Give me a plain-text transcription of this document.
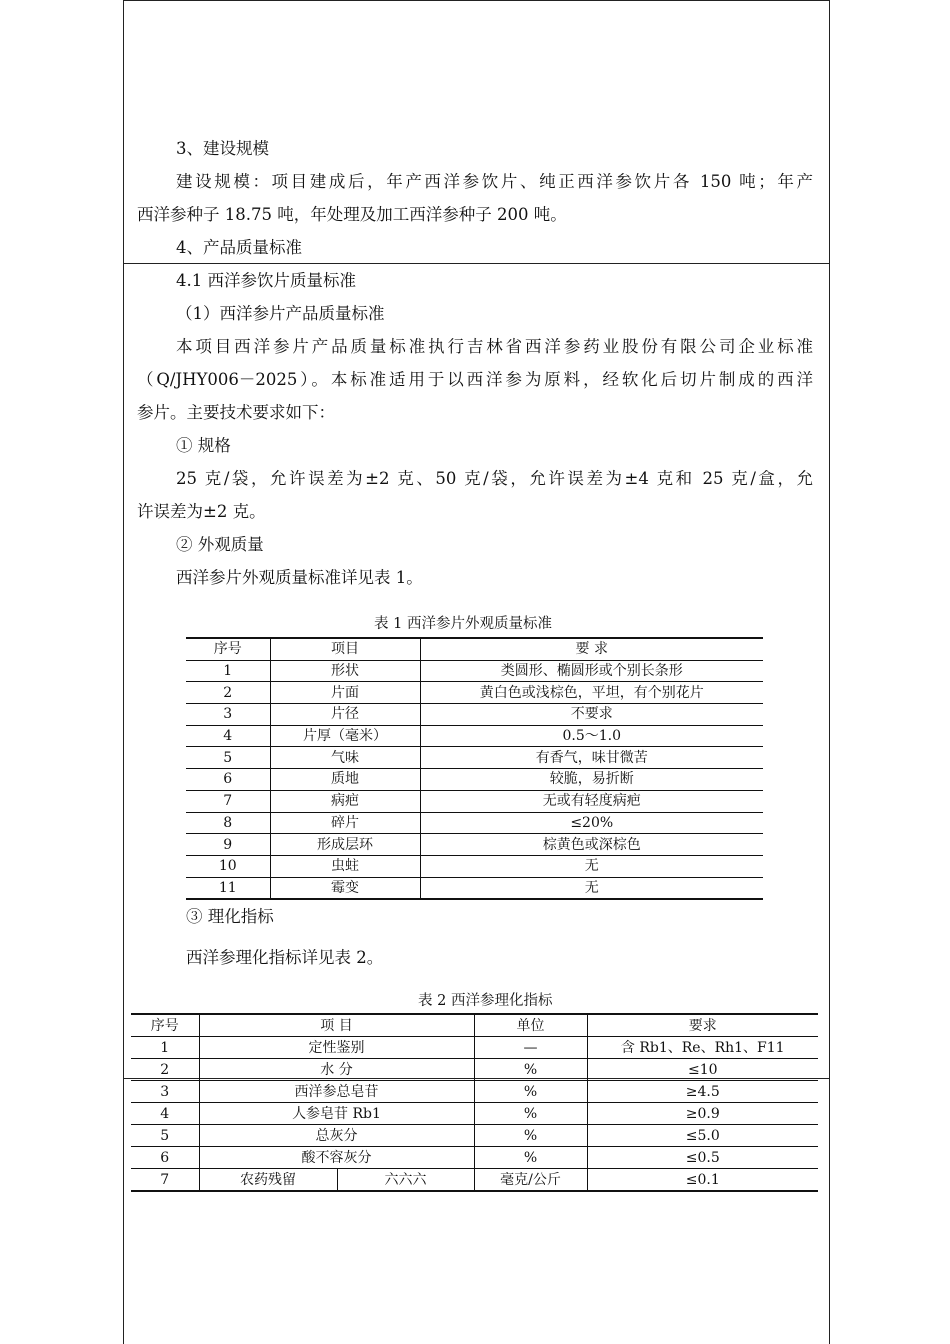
3、建设规模
建设规模：项目建成后，年产西洋参饮片、纯正西洋参饮片各 150 吨；年产
西洋参种子 18.75 吨，年处理及加工西洋参种子 200 吨。
4、产品质量标准
4.1 西洋参饮片质量标准
（1）西洋参片产品质量标准
本项目西洋参片产品质量标准执行吉林省西洋参药业股份有限公司企业标准
（Q/JHY006－2025）。本标准适用于以西洋参为原料，经软化后切片制成的西洋
参片。主要技术要求如下：
① 规格
25 克/袋，允许误差为±2 克、50 克/袋，允许误差为±4 克和 25 克/盒，允
许误差为±2 克。
② 外观质量
西洋参片外观质量标准详见表 1。
表 1 西洋参片外观质量标准
序号	项目	要 求
1	形状	类圆形、椭圆形或个别长条形
2	片面	黄白色或浅棕色，平坦，有个别花片
3	片径	不要求
4	片厚（毫米）	0.5～1.0
5	气味	有香气，味甘微苦
6	质地	较脆，易折断
7	病疤	无或有轻度病疤
8	碎片	≤20%
9	形成层环	棕黄色或深棕色
10	虫蛀	无
11	霉变	无
③ 理化指标
西洋参理化指标详见表 2。
表 2 西洋参理化指标
序号	项 目		单位	要求
1	定性鉴别		—	含 Rb1、Re、Rh1、F11
2	水 分		%	≤10
3	西洋参总皂苷		%	≥4.5
4	人参皂苷 Rb1		%	≥0.9
5	总灰分		%	≤5.0
6	酸不容灰分		%	≤0.5
7	农药残留	六六六	毫克/公斤	≤0.1
